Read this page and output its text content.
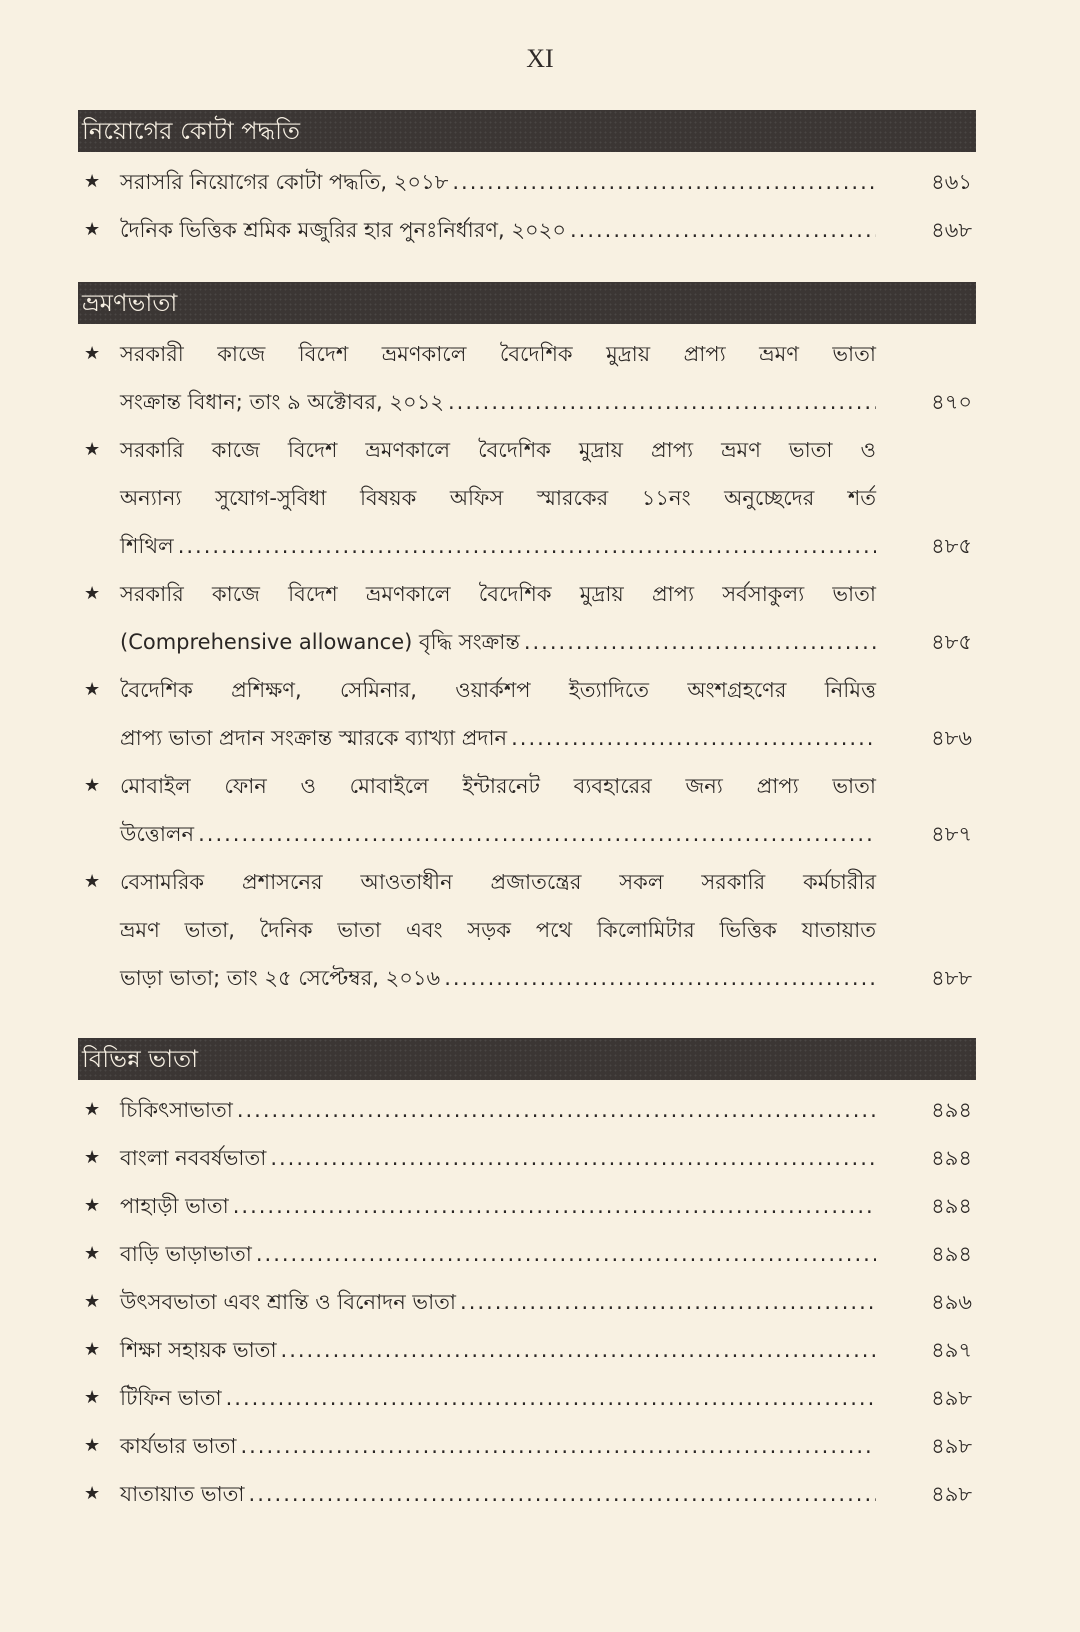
XI
নিয়োগের কোটা পদ্ধতি
★ সরাসরি নিয়োগের কোটা পদ্ধতি, ২০১৮ .....	৪৬১
★ দৈনিক ভিত্তিক শ্রমিক মজুরির হার পুনঃনির্ধারণ, ২০২০ .....	৪৬৮
ভ্রমণভাতা
★ সরকারী কাজে বিদেশ ভ্রমণকালে বৈদেশিক মুদ্রায় প্রাপ্য ভ্রমণ ভাতা
সংক্রান্ত বিধান; তাং ৯ অক্টোবর, ২০১২ .....	৪৭০
★ সরকারি কাজে বিদেশ ভ্রমণকালে বৈদেশিক মুদ্রায় প্রাপ্য ভ্রমণ ভাতা ও
অন্যান্য সুযোগ-সুবিধা বিষয়ক অফিস স্মারকের ১১নং অনুচ্ছেদের শর্ত
শিথিল .....	৪৮৫
★ সরকারি কাজে বিদেশ ভ্রমণকালে বৈদেশিক মুদ্রায় প্রাপ্য সর্বসাকুল্য ভাতা
(Comprehensive allowance) বৃদ্ধি সংক্রান্ত .....	৪৮৫
★ বৈদেশিক প্রশিক্ষণ, সেমিনার, ওয়ার্কশপ ইত্যাদিতে অংশগ্রহণের নিমিত্ত
প্রাপ্য ভাতা প্রদান সংক্রান্ত স্মারকে ব্যাখ্যা প্রদান .....	৪৮৬
★ মোবাইল ফোন ও মোবাইলে ইন্টারনেট ব্যবহারের জন্য প্রাপ্য ভাতা
উত্তোলন .....	৪৮৭
★ বেসামরিক প্রশাসনের আওতাধীন প্রজাতন্ত্রের সকল সরকারি কর্মচারীর
ভ্রমণ ভাতা, দৈনিক ভাতা এবং সড়ক পথে কিলোমিটার ভিত্তিক যাতায়াত
ভাড়া ভাতা; তাং ২৫ সেপ্টেম্বর, ২০১৬ .....	৪৮৮
বিভিন্ন ভাতা
★ চিকিৎসাভাতা .....	৪৯৪
★ বাংলা নববর্ষভাতা .....	৪৯৪
★ পাহাড়ী ভাতা .....	৪৯৪
★ বাড়ি ভাড়াভাতা .....	৪৯৪
★ উৎসবভাতা এবং শ্রান্তি ও বিনোদন ভাতা .....	৪৯৬
★ শিক্ষা সহায়ক ভাতা .....	৪৯৭
★ টিফিন ভাতা .....	৪৯৮
★ কার্যভার ভাতা .....	৪৯৮
★ যাতায়াত ভাতা .....	৪৯৮
